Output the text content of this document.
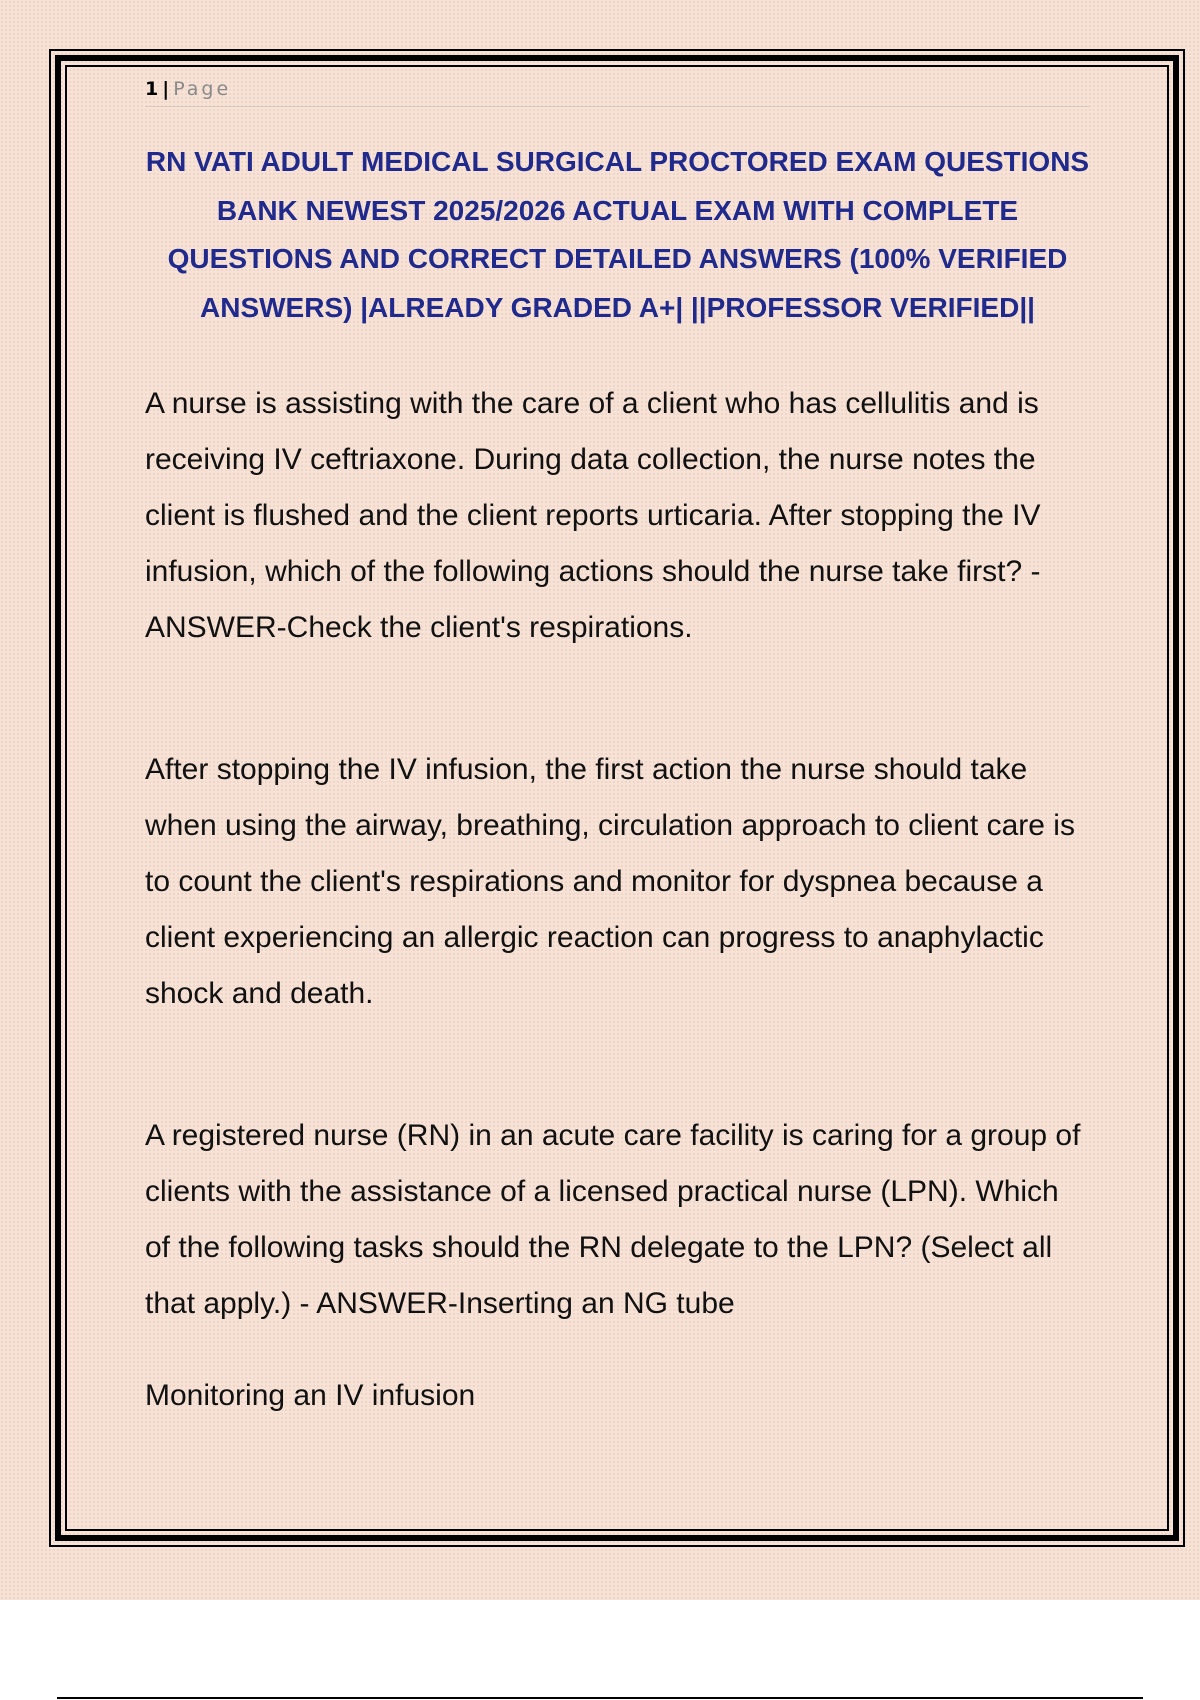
1 | Page
RN VATI ADULT MEDICAL SURGICAL PROCTORED EXAM QUESTIONS BANK NEWEST 2025/2026 ACTUAL EXAM WITH COMPLETE QUESTIONS AND CORRECT DETAILED ANSWERS (100% VERIFIED ANSWERS) |ALREADY GRADED A+| ||PROFESSOR VERIFIED||

A nurse is assisting with the care of a client who has cellulitis and is receiving IV ceftriaxone. During data collection, the nurse notes the client is flushed and the client reports urticaria. After stopping the IV infusion, which of the following actions should the nurse take first? - ANSWER-Check the client's respirations.

After stopping the IV infusion, the first action the nurse should take when using the airway, breathing, circulation approach to client care is to count the client's respirations and monitor for dyspnea because a client experiencing an allergic reaction can progress to anaphylactic shock and death.

A registered nurse (RN) in an acute care facility is caring for a group of clients with the assistance of a licensed practical nurse (LPN). Which of the following tasks should the RN delegate to the LPN? (Select all that apply.) - ANSWER-Inserting an NG tube

Monitoring an IV infusion
